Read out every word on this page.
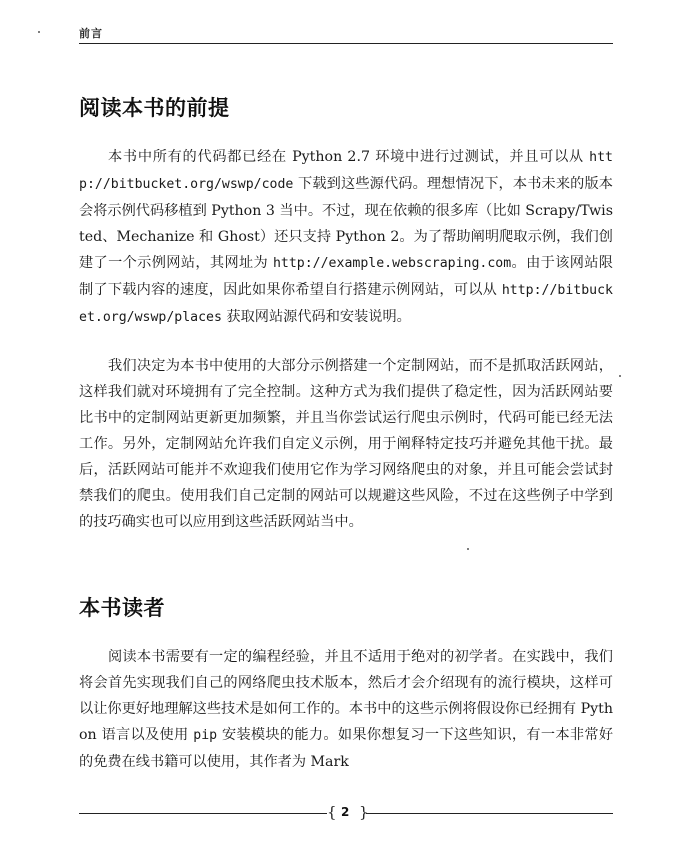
前言
阅读本书的前提

本书中所有的代码都已经在 Python 2.7 环境中进行过测试，并且可以从 http://bitbucket.org/wswp/code 下载到这些源代码。理想情况下，本书未来的版本会将示例代码移植到 Python 3 当中。不过，现在依赖的很多库（比如 Scrapy/Twisted、Mechanize 和 Ghost）还只支持 Python 2。为了帮助阐明爬取示例，我们创建了一个示例网站，其网址为 http://example.webscraping.com。由于该网站限制了下载内容的速度，因此如果你希望自行搭建示例网站，可以从 http://bitbucket.org/wswp/places 获取网站源代码和安装说明。

我们决定为本书中使用的大部分示例搭建一个定制网站，而不是抓取活跃网站，这样我们就对环境拥有了完全控制。这种方式为我们提供了稳定性，因为活跃网站要比书中的定制网站更新更加频繁，并且当你尝试运行爬虫示例时，代码可能已经无法工作。另外，定制网站允许我们自定义示例，用于阐释特定技巧并避免其他干扰。最后，活跃网站可能并不欢迎我们使用它作为学习网络爬虫的对象，并且可能会尝试封禁我们的爬虫。使用我们自己定制的网站可以规避这些风险，不过在这些例子中学到的技巧确实也可以应用到这些活跃网站当中。

本书读者

阅读本书需要有一定的编程经验，并且不适用于绝对的初学者。在实践中，我们将会首先实现我们自己的网络爬虫技术版本，然后才会介绍现有的流行模块，这样可以让你更好地理解这些技术是如何工作的。本书中的这些示例将假设你已经拥有 Python 语言以及使用 pip 安装模块的能力。如果你想复习一下这些知识，有一本非常好的免费在线书籍可以使用，其作者为 Mark

{ 2 }
